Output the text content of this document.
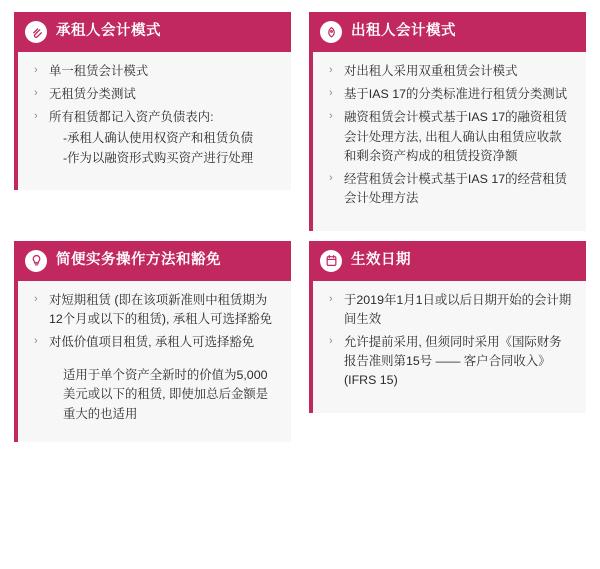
承租人会计模式
› 单一租赁会计模式
› 无租赁分类测试
› 所有租赁都记入资产负债表内:
-承租人确认使用权资产和租赁负债
-作为以融资形式购买资产进行处理
出租人会计模式
› 对出租人采用双重租赁会计模式
› 基于IAS 17的分类标准进行租赁分类测试
› 融资租赁会计模式基于IAS 17的融资租赁会计处理方法, 出租人确认由租赁应收款和剩余资产构成的租赁投资净额
› 经营租赁会计模式基于IAS 17的经营租赁会计处理方法
简便实务操作方法和豁免
› 对短期租赁 (即在该项新准则中租赁期为12个月或以下的租赁), 承租人可选择豁免
› 对低价值项目租赁, 承租人可选择豁免
适用于单个资产全新时的价值为5,000美元或以下的租赁, 即使加总后金额是重大的也适用
生效日期
› 于2019年1月1日或以后日期开始的会计期间生效
› 允许提前采用, 但须同时采用《国际财务报告准则第15号 —— 客户合同收入》(IFRS 15)
